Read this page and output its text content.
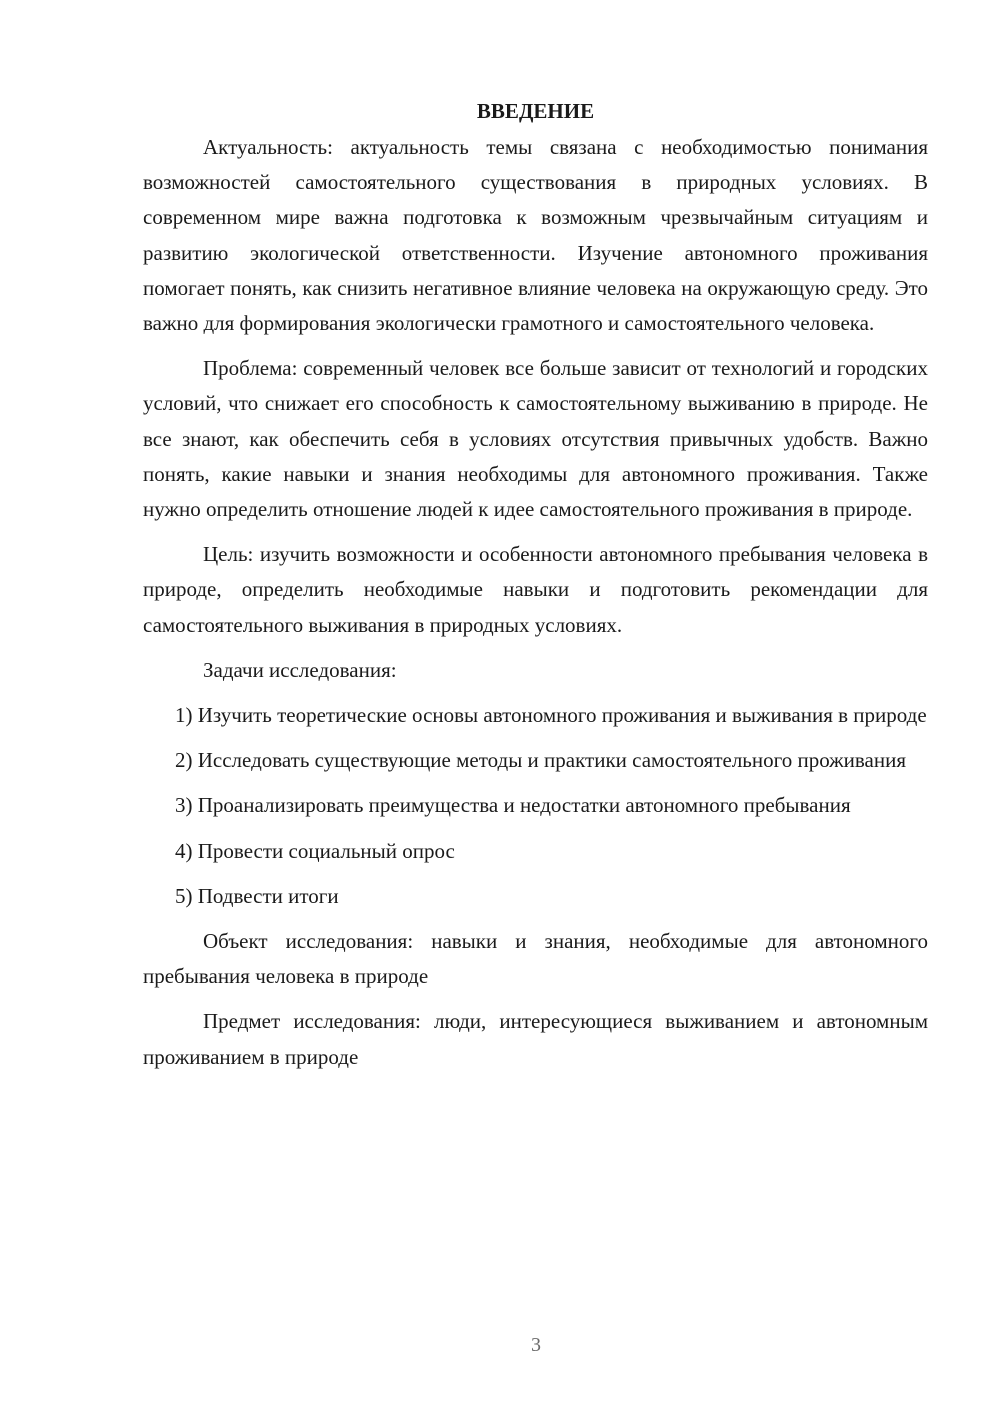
ВВЕДЕНИЕ

Актуальность: актуальность темы связана с необходимостью понимания возможностей самостоятельного существования в природных условиях. В современном мире важна подготовка к возможным чрезвычайным ситуациям и развитию экологической ответственности. Изучение автономного проживания помогает понять, как снизить негативное влияние человека на окружающую среду. Это важно для формирования экологически грамотного и самостоятельного человека.

Проблема: современный человек все больше зависит от технологий и городских условий, что снижает его способность к самостоятельному выживанию в природе. Не все знают, как обеспечить себя в условиях отсутствия привычных удобств. Важно понять, какие навыки и знания необходимы для автономного проживания. Также нужно определить отношение людей к идее самостоятельного проживания в природе.

Цель: изучить возможности и особенности автономного пребывания человека в природе, определить необходимые навыки и подготовить рекомендации для самостоятельного выживания в природных условиях.

Задачи исследования:

1) Изучить теоретические основы автономного проживания и выживания в природе

2) Исследовать существующие методы и практики самостоятельного проживания

3) Проанализировать преимущества и недостатки автономного пребывания

4) Провести социальный опрос

5) Подвести итоги

Объект исследования: навыки и знания, необходимые для автономного пребывания человека в природе

Предмет исследования: люди, интересующиеся выживанием и автономным проживанием в природе

3
